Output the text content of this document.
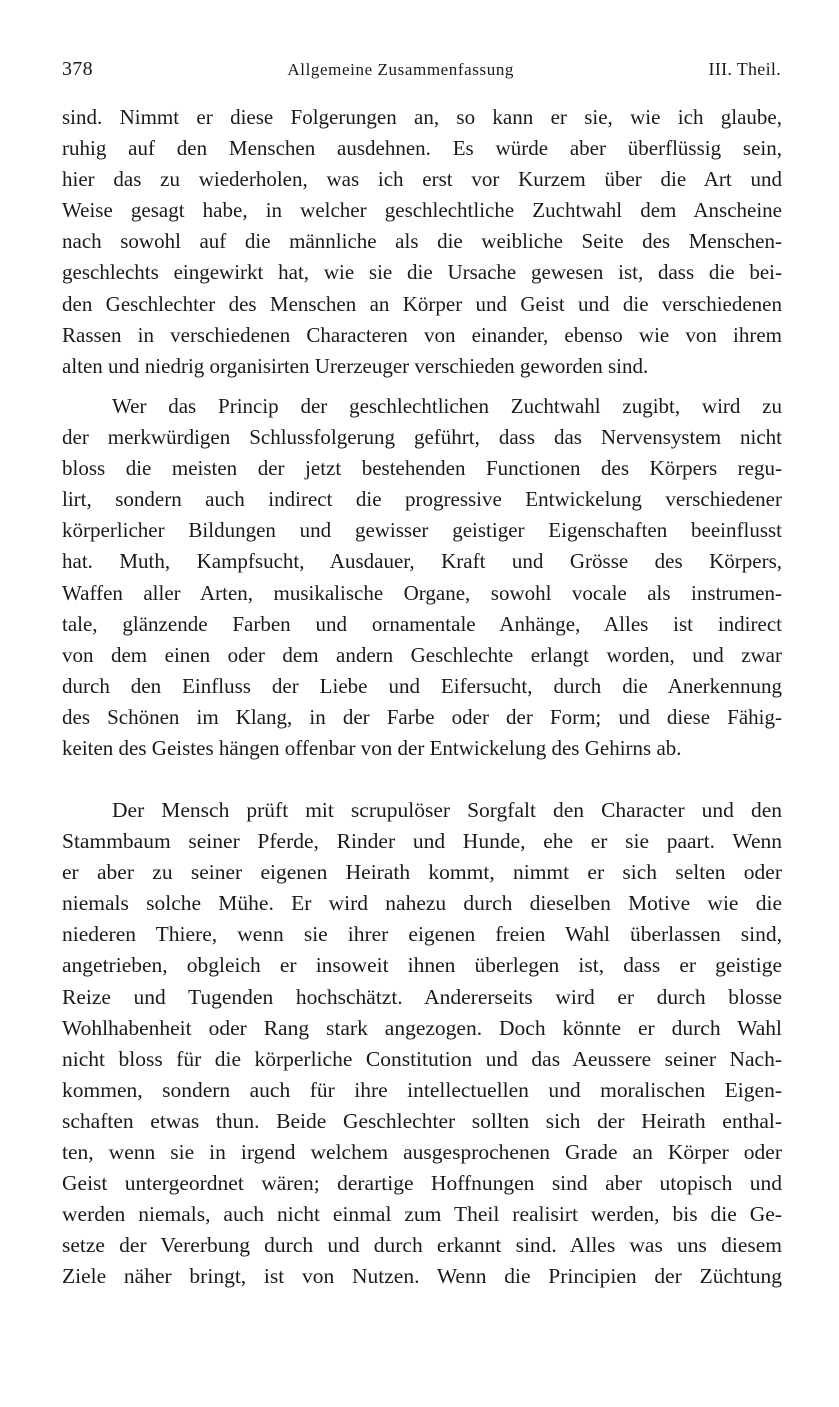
378	Allgemeine Zusammenfassung	III. Theil.
sind. Nimmt er diese Folgerungen an, so kann er sie, wie ich glaube,
ruhig auf den Menschen ausdehnen. Es würde aber überflüssig sein,
hier das zu wiederholen, was ich erst vor Kurzem über die Art und
Weise gesagt habe, in welcher geschlechtliche Zuchtwahl dem Anscheine
nach sowohl auf die männliche als die weibliche Seite des Menschen-
geschlechts eingewirkt hat, wie sie die Ursache gewesen ist, dass die bei-
den Geschlechter des Menschen an Körper und Geist und die verschiedenen
Rassen in verschiedenen Characteren von einander, ebenso wie von ihrem
alten und niedrig organisirten Urerzeuger verschieden geworden sind.
Wer das Princip der geschlechtlichen Zuchtwahl zugibt, wird zu
der merkwürdigen Schlussfolgerung geführt, dass das Nervensystem nicht
bloss die meisten der jetzt bestehenden Functionen des Körpers regu-
lirt, sondern auch indirect die progressive Entwickelung verschiedener
körperlicher Bildungen und gewisser geistiger Eigenschaften beeinflusst
hat. Muth, Kampfsucht, Ausdauer, Kraft und Grösse des Körpers,
Waffen aller Arten, musikalische Organe, sowohl vocale als instrumen-
tale, glänzende Farben und ornamentale Anhänge, Alles ist indirect
von dem einen oder dem andern Geschlechte erlangt worden, und zwar
durch den Einfluss der Liebe und Eifersucht, durch die Anerkennung
des Schönen im Klang, in der Farbe oder der Form; und diese Fähig-
keiten des Geistes hängen offenbar von der Entwickelung des Gehirns ab.
Der Mensch prüft mit scrupulöser Sorgfalt den Character und den
Stammbaum seiner Pferde, Rinder und Hunde, ehe er sie paart. Wenn
er aber zu seiner eigenen Heirath kommt, nimmt er sich selten oder
niemals solche Mühe. Er wird nahezu durch dieselben Motive wie die
niederen Thiere, wenn sie ihrer eigenen freien Wahl überlassen sind,
angetrieben, obgleich er insoweit ihnen überlegen ist, dass er geistige
Reize und Tugenden hochschätzt. Andererseits wird er durch blosse
Wohlhabenheit oder Rang stark angezogen. Doch könnte er durch Wahl
nicht bloss für die körperliche Constitution und das Aeussere seiner Nach-
kommen, sondern auch für ihre intellectuellen und moralischen Eigen-
schaften etwas thun. Beide Geschlechter sollten sich der Heirath enthal-
ten, wenn sie in irgend welchem ausgesprochenen Grade an Körper oder
Geist untergeordnet wären; derartige Hoffnungen sind aber utopisch und
werden niemals, auch nicht einmal zum Theil realisirt werden, bis die Ge-
setze der Vererbung durch und durch erkannt sind. Alles was uns diesem
Ziele näher bringt, ist von Nutzen. Wenn die Principien der Züchtung
